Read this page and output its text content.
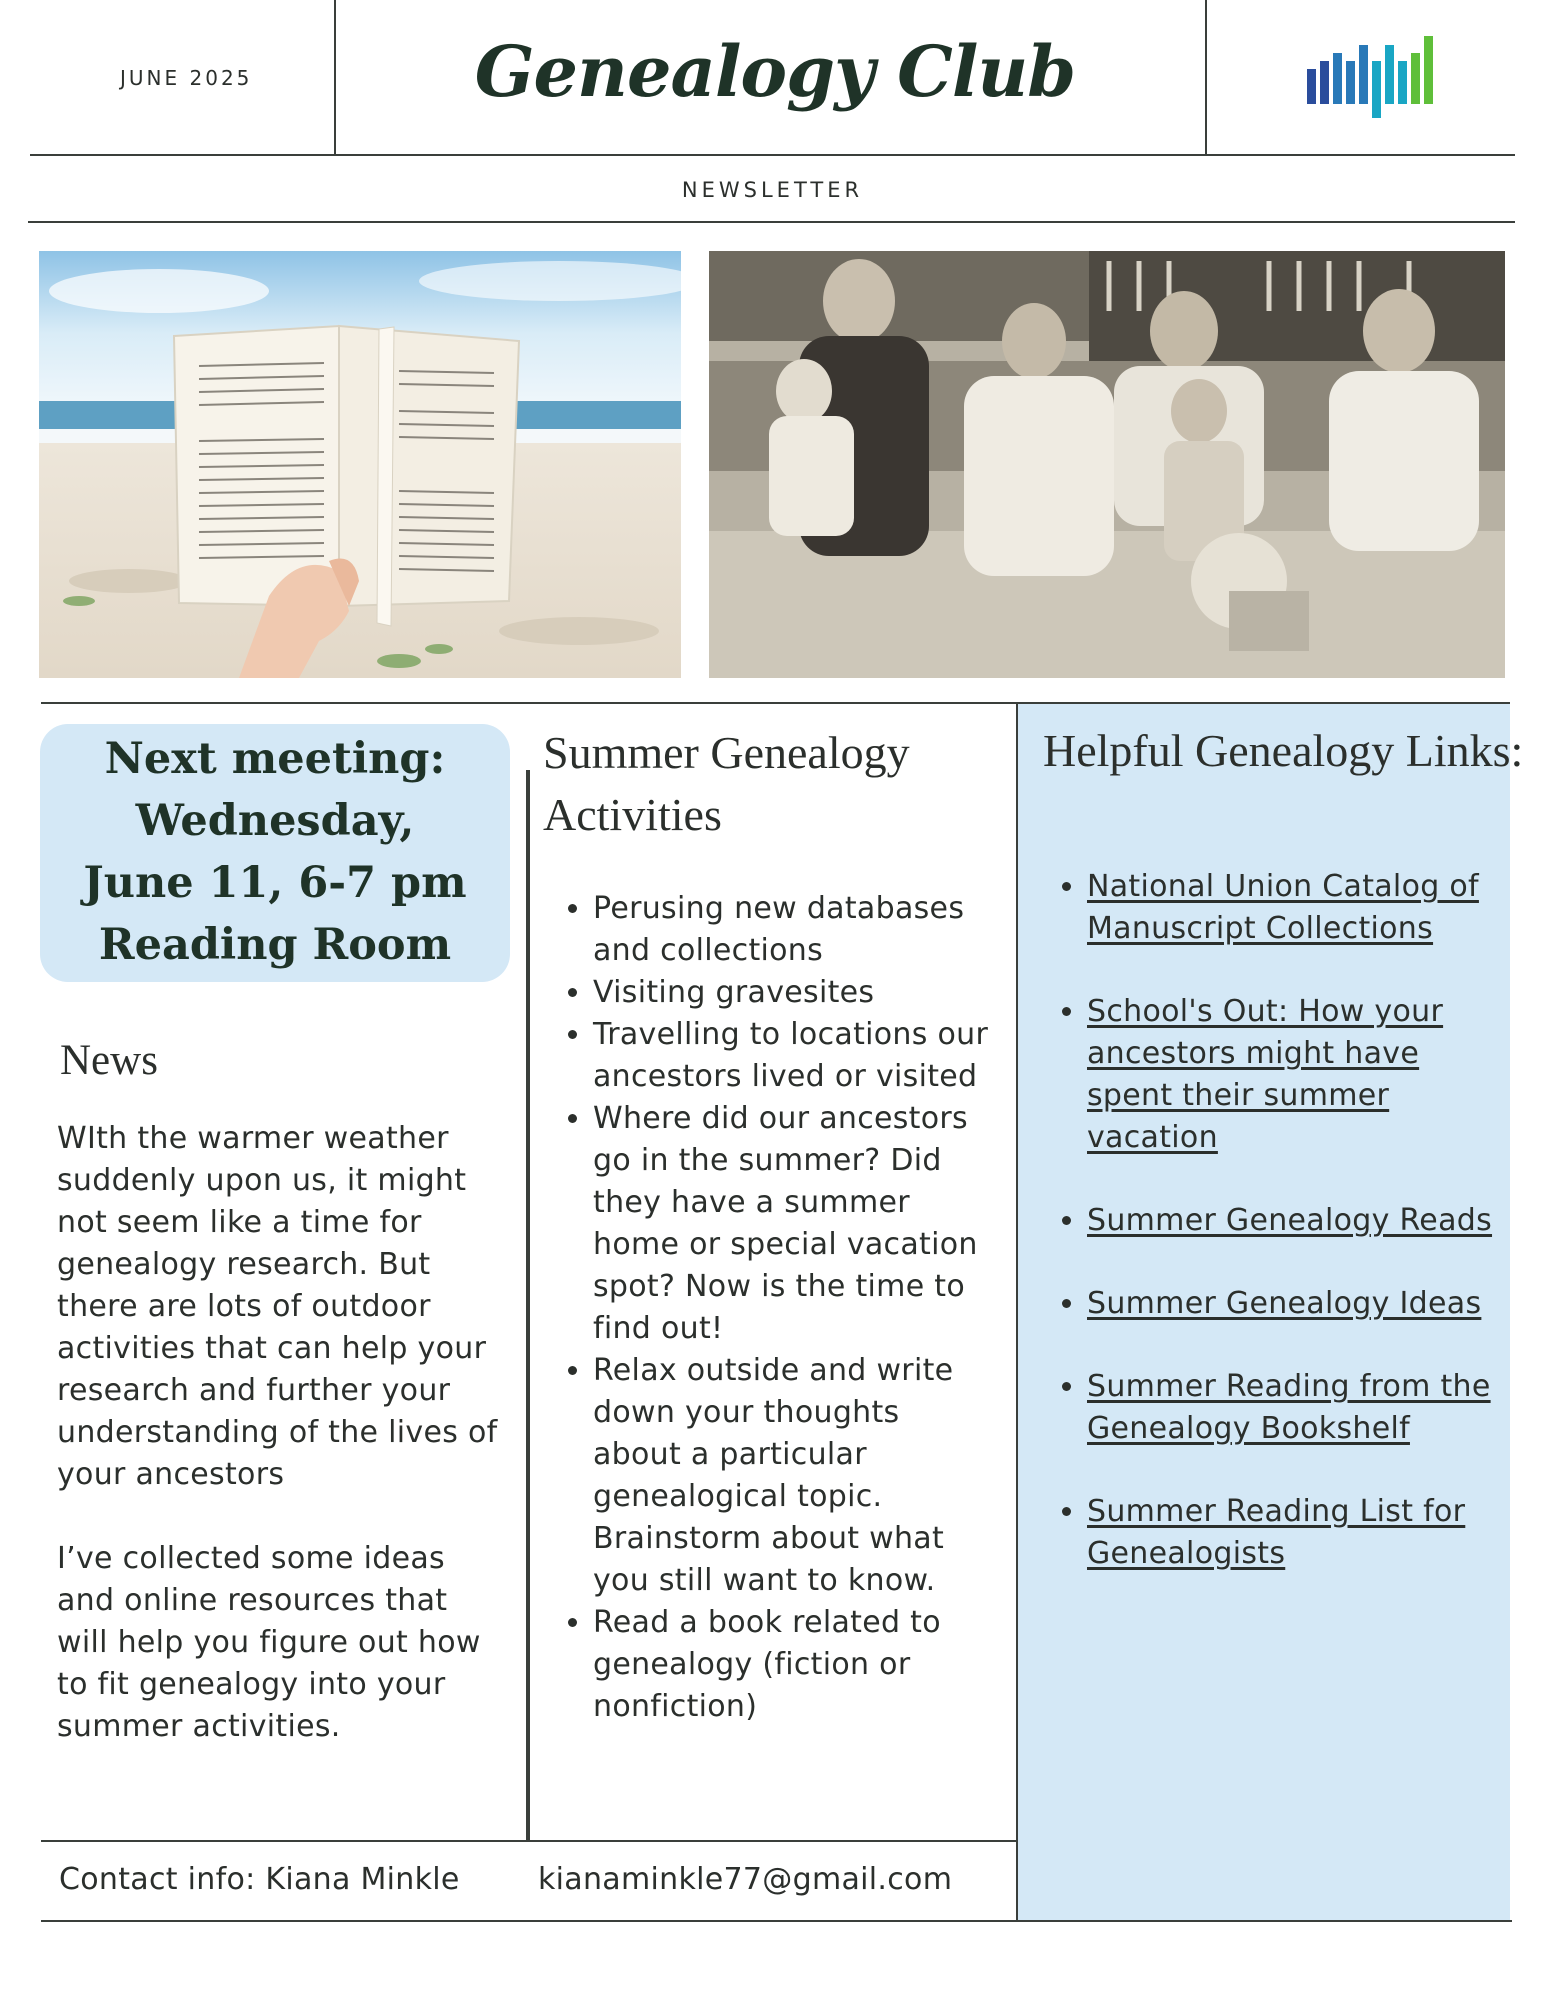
JUNE 2025	Genealogy Club
NEWSLETTER
Next meeting:
Wednesday,
June 11, 6-7 pm
Reading Room
News

WIth the warmer weather suddenly upon us, it might not seem like a time for genealogy research. But there are lots of outdoor activities that can help your research and further your understanding of the lives of your ancestors

I’ve collected some ideas and online resources that will help you figure out how to fit genealogy into your summer activities.

Summer Genealogy Activities
• Perusing new databases and collections
• Visiting gravesites
• Travelling to locations our ancestors lived or visited
• Where did our ancestors go in the summer? Did they have a summer home or special vacation spot? Now is the time to find out!
• Relax outside and write down your thoughts about a particular genealogical topic. Brainstorm about what you still want to know.
• Read a book related to genealogy (fiction or nonfiction)
Helpful Genealogy Links:
• National Union Catalog of Manuscript Collections
• School's Out: How your ancestors might have spent their summer vacation
• Summer Genealogy Reads
• Summer Genealogy Ideas
• Summer Reading from the Genealogy Bookshelf
• Summer Reading List for Genealogists
Contact info: Kiana Minkle	kianaminkle77@gmail.com
